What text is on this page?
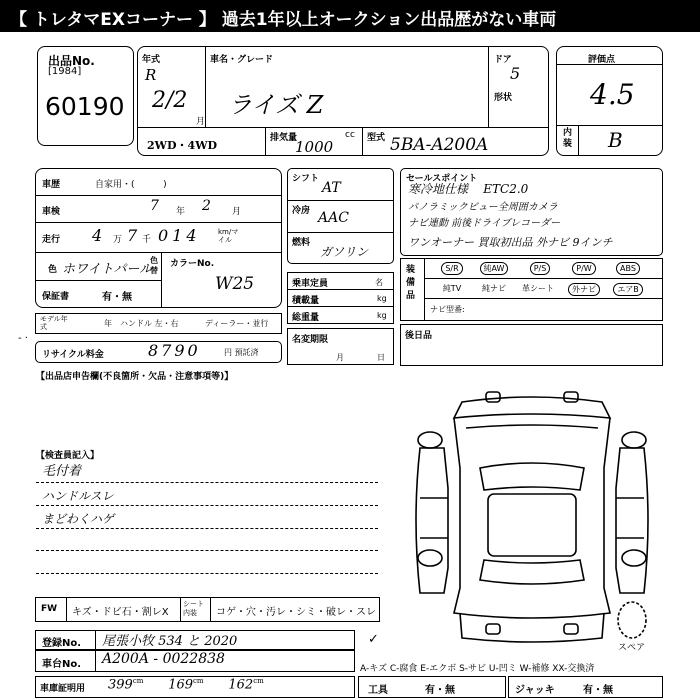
【 トレタマEXコーナー 】 過去1年以上オークション出品歴がない車両
出品No.
[1984]
60190
年式
R
2/2
月
車名・グレード
ライズ Z
ドア
5
形状
2WD・4WD
排気量	cc
1000	型式 5BA-A200A
評価点
4.5
内装 B
車歴	自家用・(          )
車検	7 年 2 月
走行 4 万 7 千 014 km/マイル
色 ホワイトパール
色替
カラーNo.
W25
保証書	有・無
モデル年式	年 ハンドル 左・右	ディーラー・並行
リサイクル料金	8790	円 預託済
シフト
AT
冷房 AAC
燃料
ガソリン
乗車定員	名
積載量	kg
総重量	kg
名変期限
月	日
セールスポイント
寒冷地仕様    ETC2.0
パノラミックビュー全周囲カメラ
ナビ連動 前後ドライブレコーダー
ワンオーナー 買取初出品 外ナビ 9インチ
装備品
S/R	純AW	P/S	P/W	ABS
純TV	純ナビ	革シート	外ナビ	エアB
ナビ型番:
後日品
【出品店申告欄(不良箇所・欠品・注意事項等)】
- ·
【検査員記入】
毛付着
ハンドルスレ
まどわくハゲ
FW キズ・ドビ石・割レX
シート内装	コゲ・穴・汚レ・シミ・破レ・スレ
登録No. 尾張小牧 534 と 2020
車台No. A200A - 0022838
✓
A-キズ C-腐食 E-エクボ S-サビ U-凹ミ W-補修 XX-交換済
車庫証明用 $399^{cm}$ $169^{cm}$ $162^{cm}$
工具	有・無	ジャッキ	有・無
スペア
